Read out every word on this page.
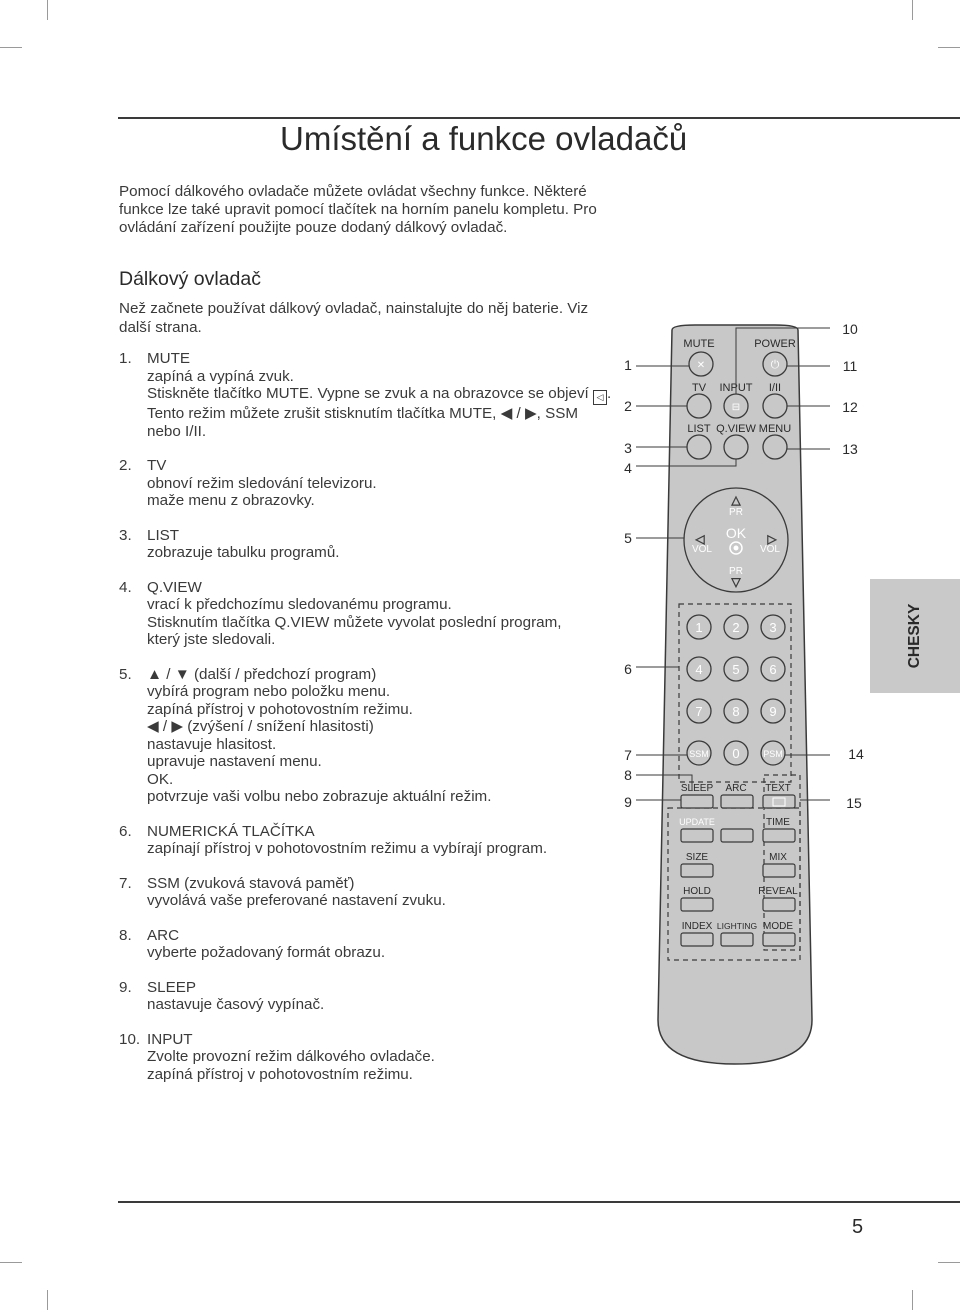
Umístění a funkce ovladačů
Pomocí dálkového ovladače můžete ovládat všechny funkce. Některé funkce lze také upravit pomocí tlačítek na horním panelu kompletu. Pro ovládání zařízení použijte pouze dodaný dálkový ovladač.
Dálkový ovladač
Než začnete používat dálkový ovladač, nainstalujte do něj baterie. Viz další strana.
1.	MUTE
zapíná a vypíná zvuk.
Stiskněte tlačítko MUTE. Vypne se zvuk a na obrazovce se objeví ◁ .
Tento režim můžete zrušit stisknutím tlačítka MUTE, ◀ / ▶, SSM
nebo I/II.
2.	TV
obnoví režim sledování televizoru.
maže menu z obrazovky.
3.	LIST
zobrazuje tabulku programů.
4.	Q.VIEW
vrací k předchozímu sledovanému programu.
Stisknutím tlačítka Q.VIEW můžete vyvolat poslední program,
který jste sledovali.
5.	▲ / ▼ (další / předchozí program)
vybírá program nebo položku menu.
zapíná přístroj v pohotovostním režimu.
◀ / ▶ (zvýšení / snížení hlasitosti)
nastavuje hlasitost.
upravuje nastavení menu.
OK.
potvrzuje vaši volbu nebo zobrazuje aktuální režim.
6.	NUMERICKÁ TLAČÍTKA
zapínají přístroj v pohotovostním režimu a vybírají program.
7.	SSM (zvuková stavová paměť)
vyvolává vaše preferované nastavení zvuku.
8.	ARC
vyberte požadovaný formát obrazu.
9.	SLEEP
nastavuje časový vypínač.
10. INPUT
Zvolte provozní režim dálkového ovladače.
zapíná přístroj v pohotovostním režimu.
CHESKY
5
MUTE	POWER
✕	⏻
TV INPUT I/II
⊟
LIST Q.VIEW MENU
△
PR
OK
◁
VOL
▷
VOL
PR
▽
1 2 3
4 5 6
7 8 9
SSM 0	PSM
SLEEP ARC TEXT
UPDATE	TIME
SIZE	MIX
HOLD	REVEAL
INDEX LIGHTING MODE
1
2
3
4
5
6
7
8
9
10
11
12
13
14
15
